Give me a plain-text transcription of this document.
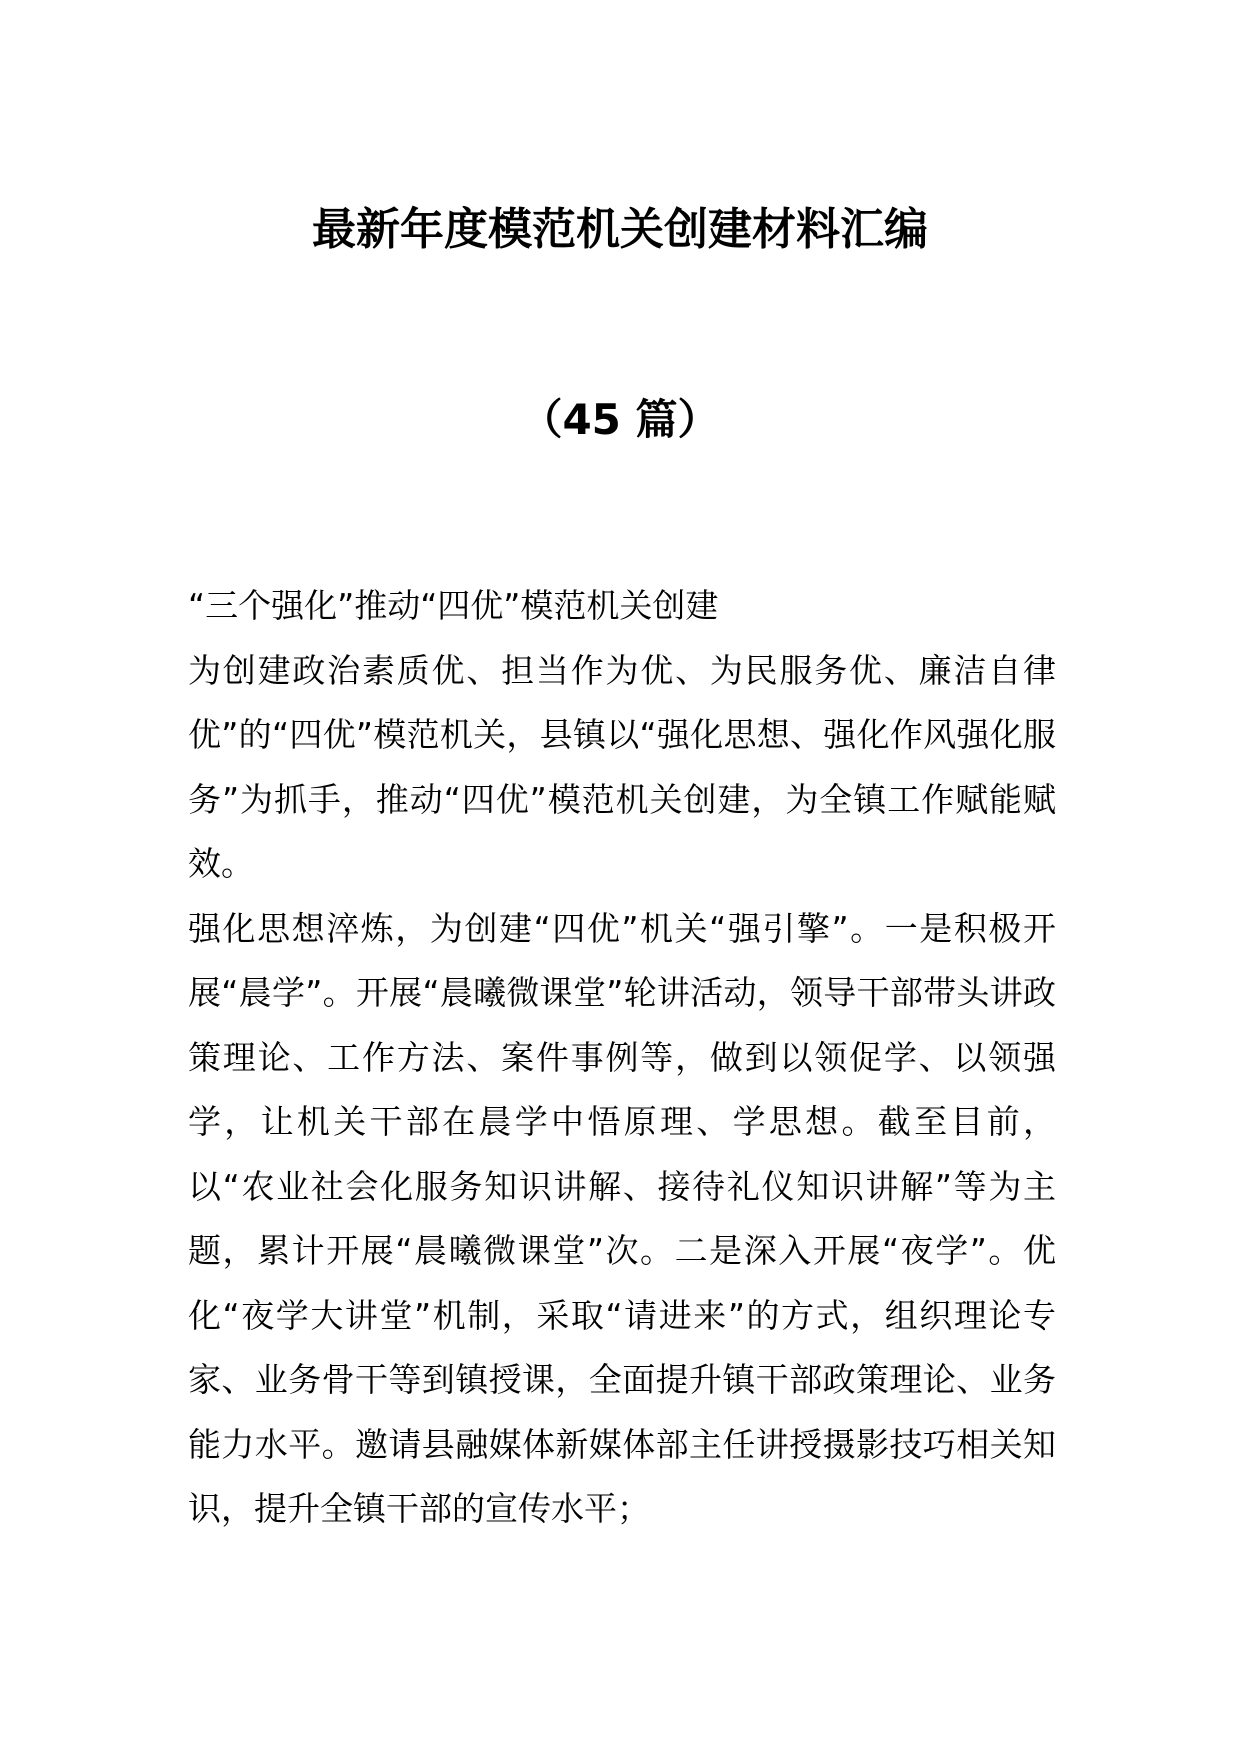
最新年度模范机关创建材料汇编
（45 篇）

“三个强化”推动“四优”模范机关创建

为创建政治素质优、担当作为优、为民服务优、廉洁自律优”的“四优”模范机关，县镇以“强化思想、强化作风强化服务”为抓手，推动“四优”模范机关创建，为全镇工作赋能赋效。

强化思想淬炼，为创建“四优”机关“强引擎”。一是积极开展“晨学”。开展“晨曦微课堂”轮讲活动，领导干部带头讲政策理论、工作方法、案件事例等，做到以领促学、以领强学，让机关干部在晨学中悟原理、学思想。截至目前，以“农业社会化服务知识讲解、接待礼仪知识讲解”等为主题，累计开展“晨曦微课堂”次。二是深入开展“夜学”。优化“夜学大讲堂”机制，采取“请进来”的方式，组织理论专家、业务骨干等到镇授课，全面提升镇干部政策理论、业务能力水平。邀请县融媒体新媒体部主任讲授摄影技巧相关知识，提升全镇干部的宣传水平；
